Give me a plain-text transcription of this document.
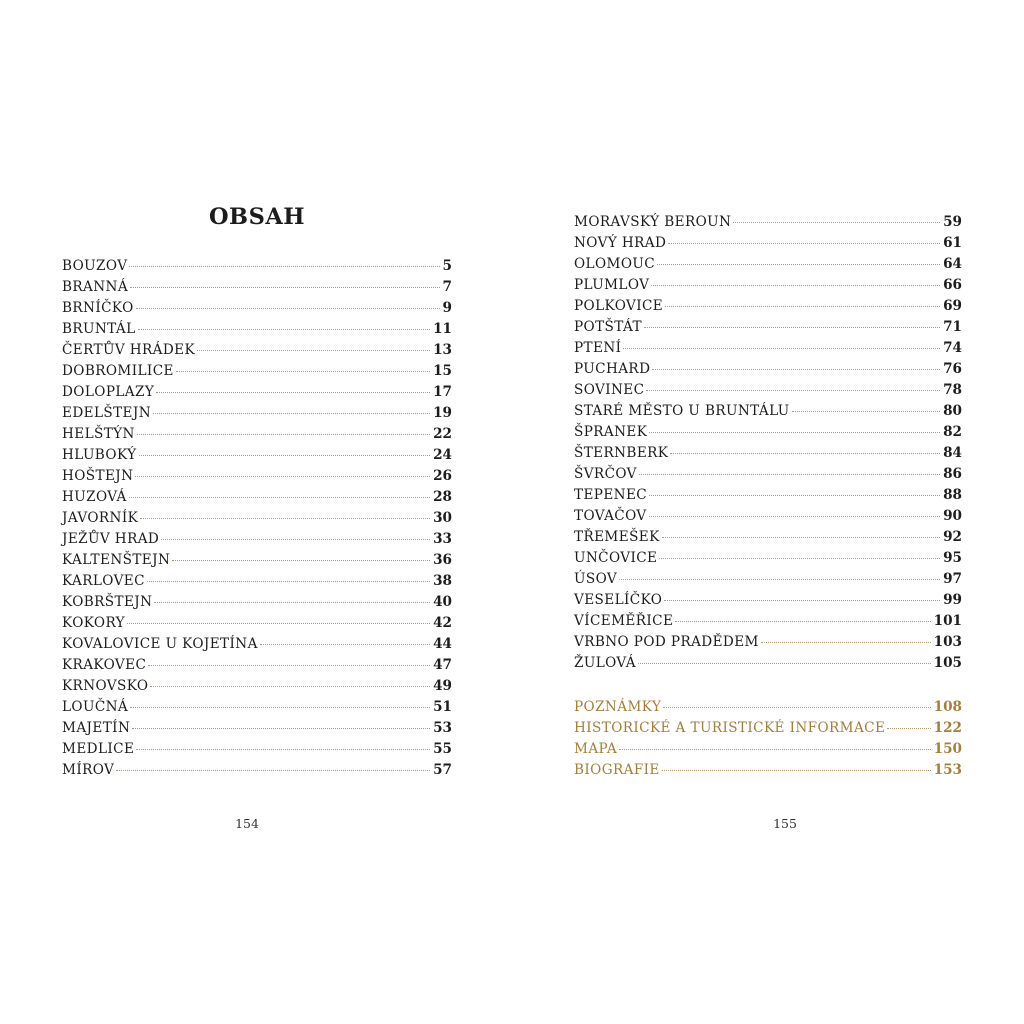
OBSAH
BOUZOV	5
BRANNÁ	7
BRNÍČKO	9
BRUNTÁL	11
ČERTŮV HRÁDEK	13
DOBROMILICE	15
DOLOPLAZY	17
EDELŠTEJN	19
HELŠTÝN	22
HLUBOKÝ	24
HOŠTEJN	26
HUZOVÁ	28
JAVORNÍK	30
JEŽŮV HRAD	33
KALTENŠTEJN	36
KARLOVEC	38
KOBRŠTEJN	40
KOKORY	42
KOVALOVICE U KOJETÍNA	44
KRAKOVEC	47
KRNOVSKO	49
LOUČNÁ	51
MAJETÍN	53
MEDLICE	55
MÍROV	57
154
MORAVSKÝ BEROUN	59
NOVÝ HRAD	61
OLOMOUC	64
PLUMLOV	66
POLKOVICE	69
POTŠTÁT	71
PTENÍ	74
PUCHARD	76
SOVINEC	78
STARÉ MĚSTO U BRUNTÁLU	80
ŠPRANEK	82
ŠTERNBERK	84
ŠVRČOV	86
TEPENEC	88
TOVAČOV	90
TŘEMEŠEK	92
UNČOVICE	95
ÚSOV	97
VESELÍČKO	99
VÍCEMĚŘICE	101
VRBNO POD PRADĚDEM	103
ŽULOVÁ	105
POZNÁMKY	108
HISTORICKÉ A TURISTICKÉ INFORMACE	122
MAPA	150
BIOGRAFIE	153
155
